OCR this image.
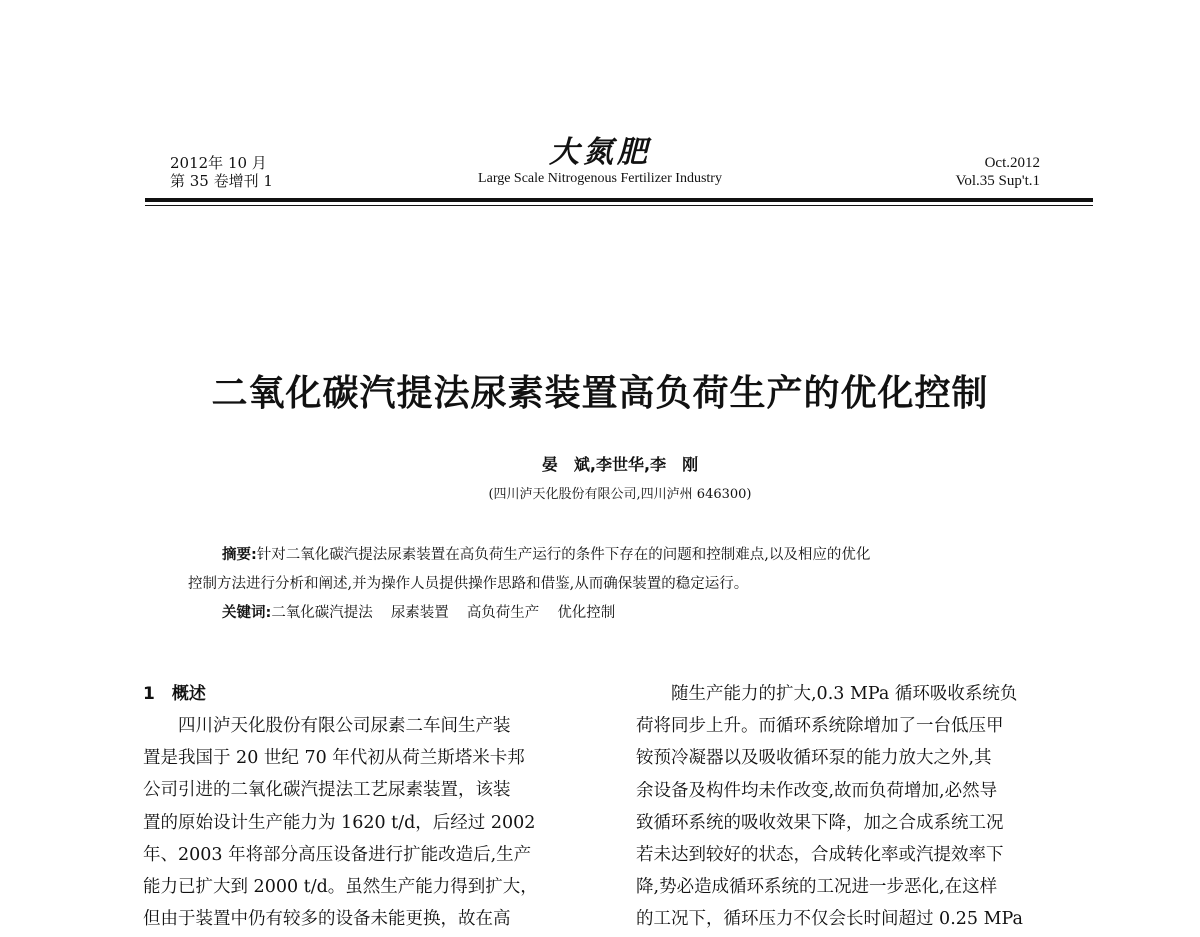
2012年 10 月
第 35 卷增刊 1
大氮肥
Large Scale Nitrogenous Fertilizer Industry
Oct.2012
Vol.35 Sup't.1
二氧化碳汽提法尿素装置高负荷生产的优化控制
晏　斌,李世华,李　刚
(四川泸天化股份有限公司,四川泸州 646300)
摘要:针对二氧化碳汽提法尿素装置在高负荷生产运行的条件下存在的问题和控制难点,以及相应的优化
控制方法进行分析和阐述,并为操作人员提供操作思路和借鉴,从而确保装置的稳定运行。
关键词:二氧化碳汽提法 尿素装置 高负荷生产 优化控制
1　概述
四川泸天化股份有限公司尿素二车间生产装
置是我国于 20 世纪 70 年代初从荷兰斯塔米卡邦
公司引进的二氧化碳汽提法工艺尿素装置，该装
置的原始设计生产能力为 1620 t/d，后经过 2002
年、2003 年将部分高压设备进行扩能改造后,生产
能力已扩大到 2000 t/d。虽然生产能力得到扩大，
但由于装置中仍有较多的设备未能更换，故在高
随生产能力的扩大,0.3 MPa 循环吸收系统负
荷将同步上升。而循环系统除增加了一台低压甲
铵预冷凝器以及吸收循环泵的能力放大之外,其
余设备及构件均未作改变,故而负荷增加,必然导
致循环系统的吸收效果下降，加之合成系统工况
若未达到较好的状态，合成转化率或汽提效率下
降,势必造成循环系统的工况进一步恶化,在这样
的工况下，循环压力不仅会长时间超过 0.25 MPa
